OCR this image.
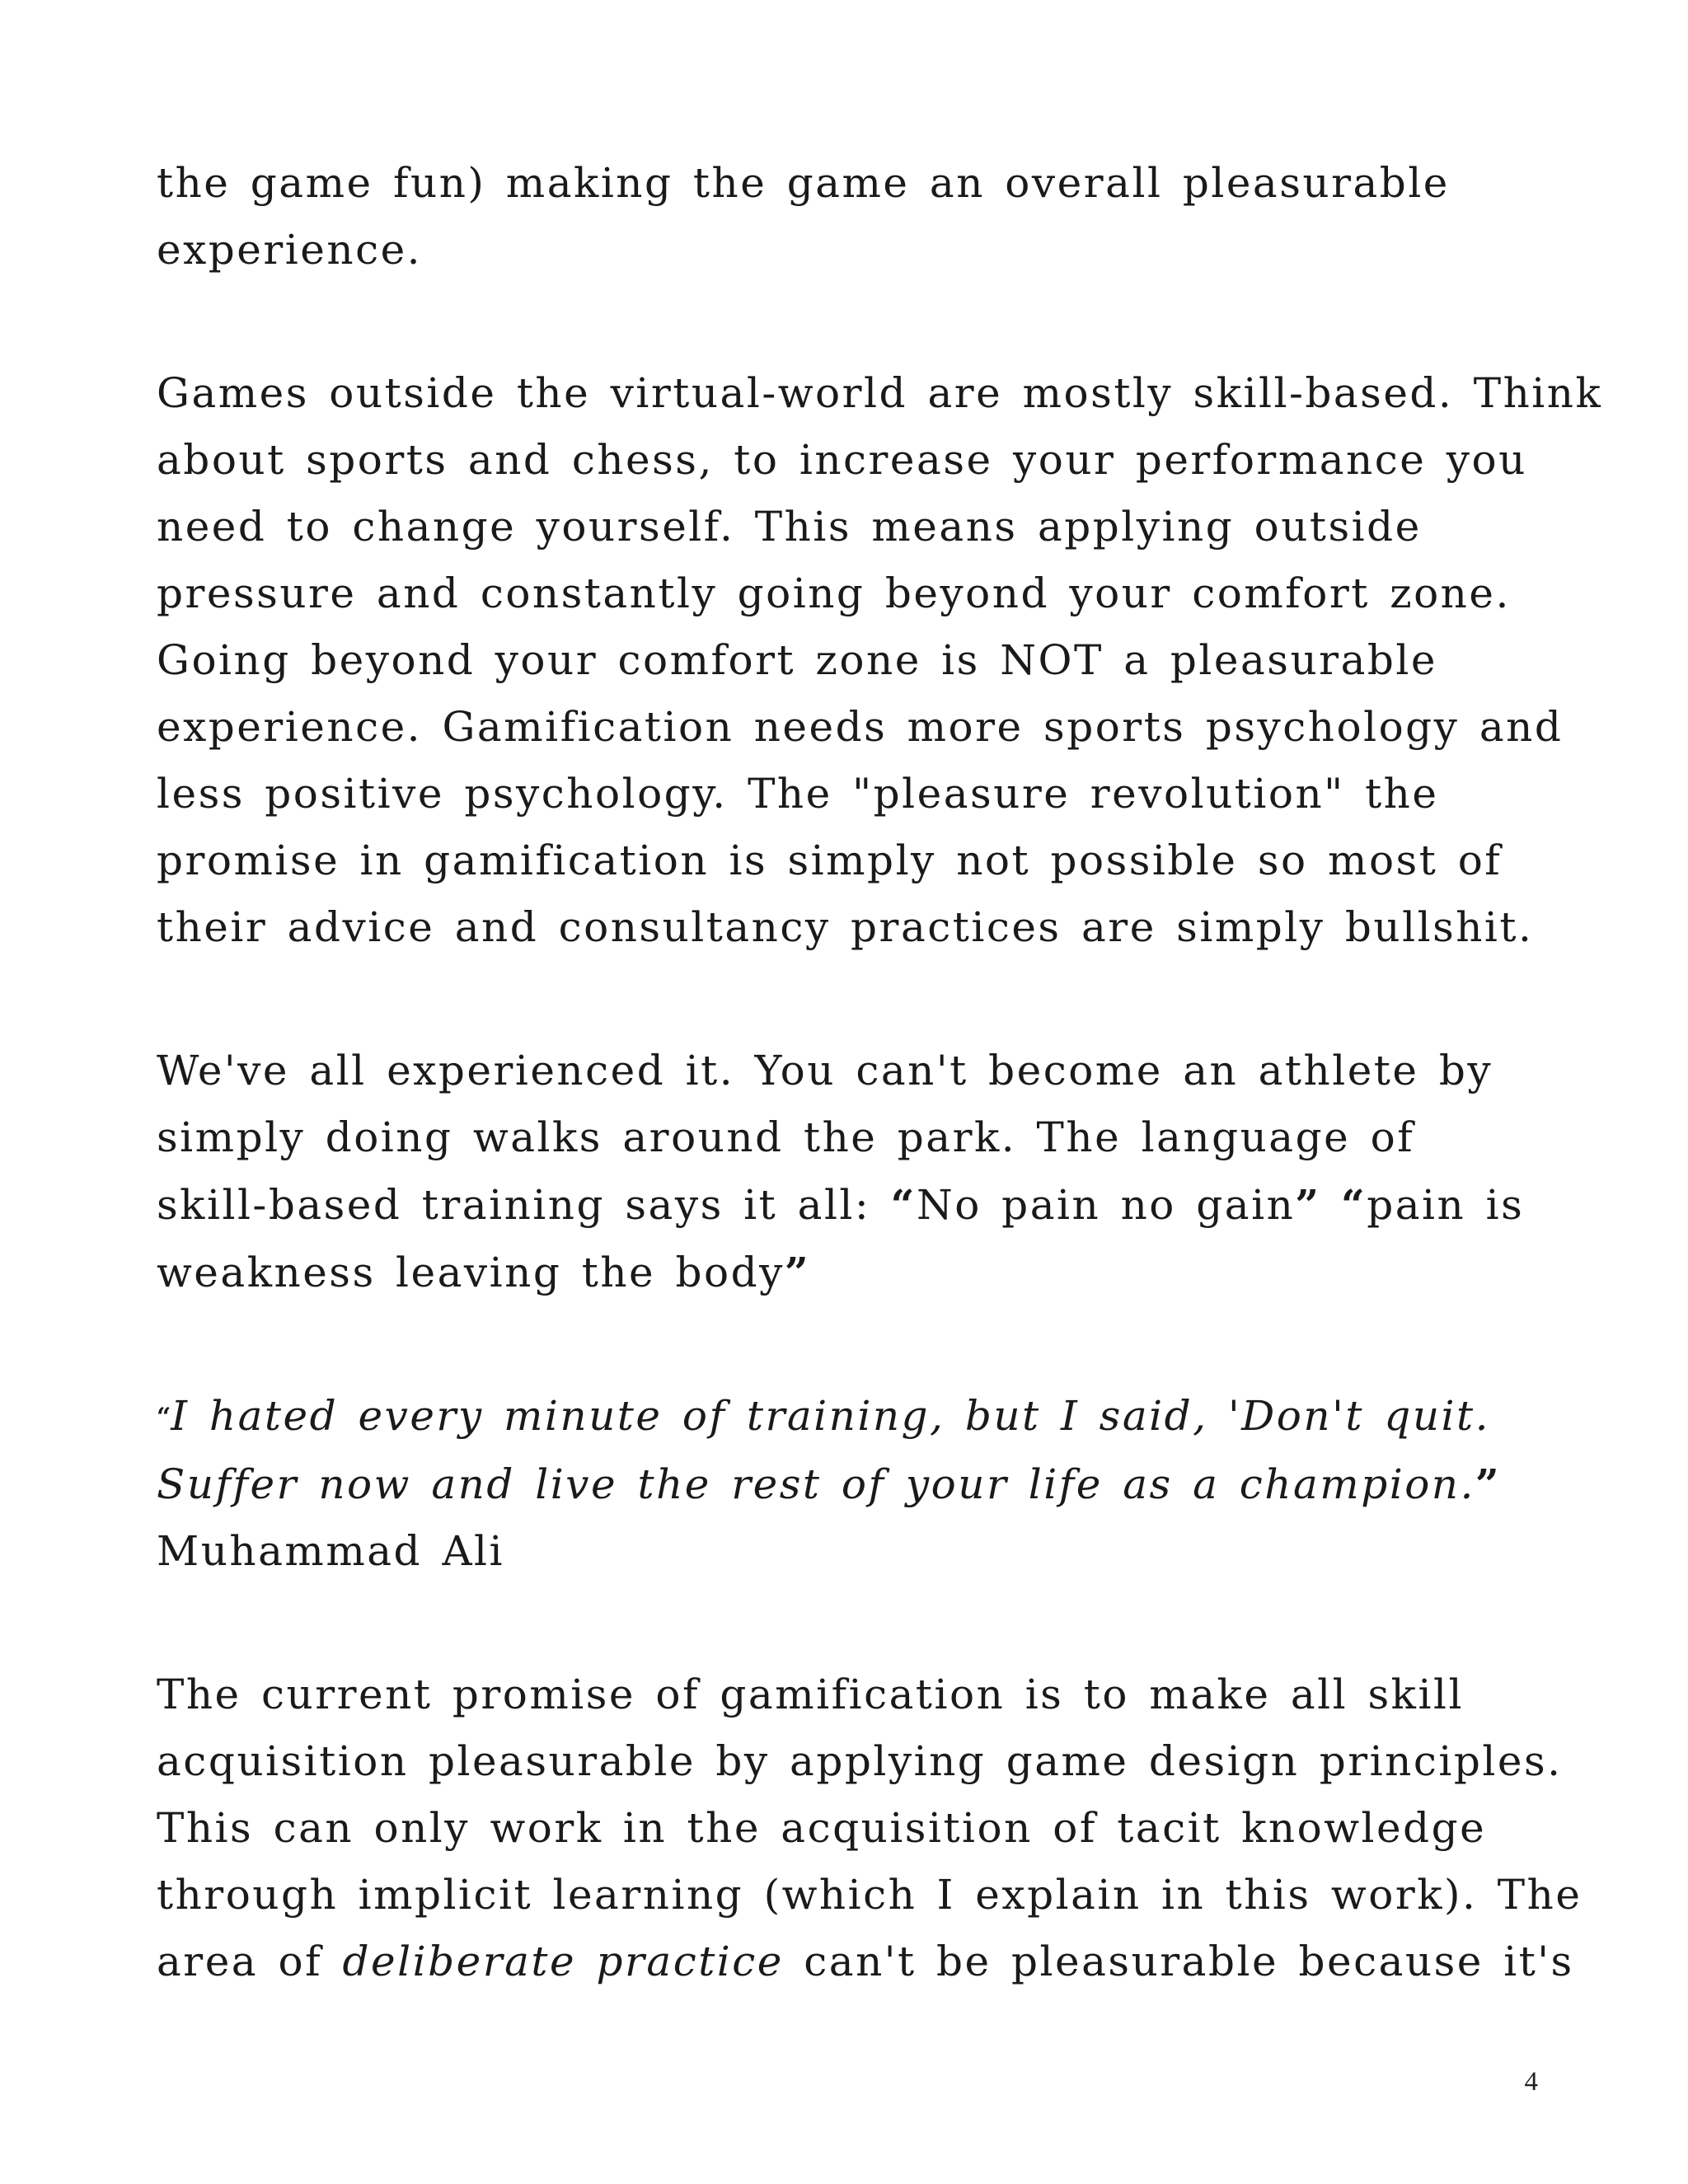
the game fun) making the game an overall pleasurable
experience.

Games outside the virtual-world are mostly skill-based. Think
about sports and chess, to increase your performance you
need to change yourself. This means applying outside
pressure and constantly going beyond your comfort zone.
Going beyond your comfort zone is NOT a pleasurable
experience. Gamification needs more sports psychology and
less positive psychology. The "pleasure revolution" the
promise in gamification is simply not possible so most of
their advice and consultancy practices are simply bullshit.

We've all experienced it. You can't become an athlete by
simply doing walks around the park. The language of
skill-based training says it all: “No pain no gain” “pain is
weakness leaving the body”

“I hated every minute of training, but I said, 'Don't quit.
Suffer now and live the rest of your life as a champion.”
Muhammad Ali

The current promise of gamification is to make all skill
acquisition pleasurable by applying game design principles.
This can only work in the acquisition of tacit knowledge
through implicit learning (which I explain in this work). The
area of deliberate practice can't be pleasurable because it's

4
